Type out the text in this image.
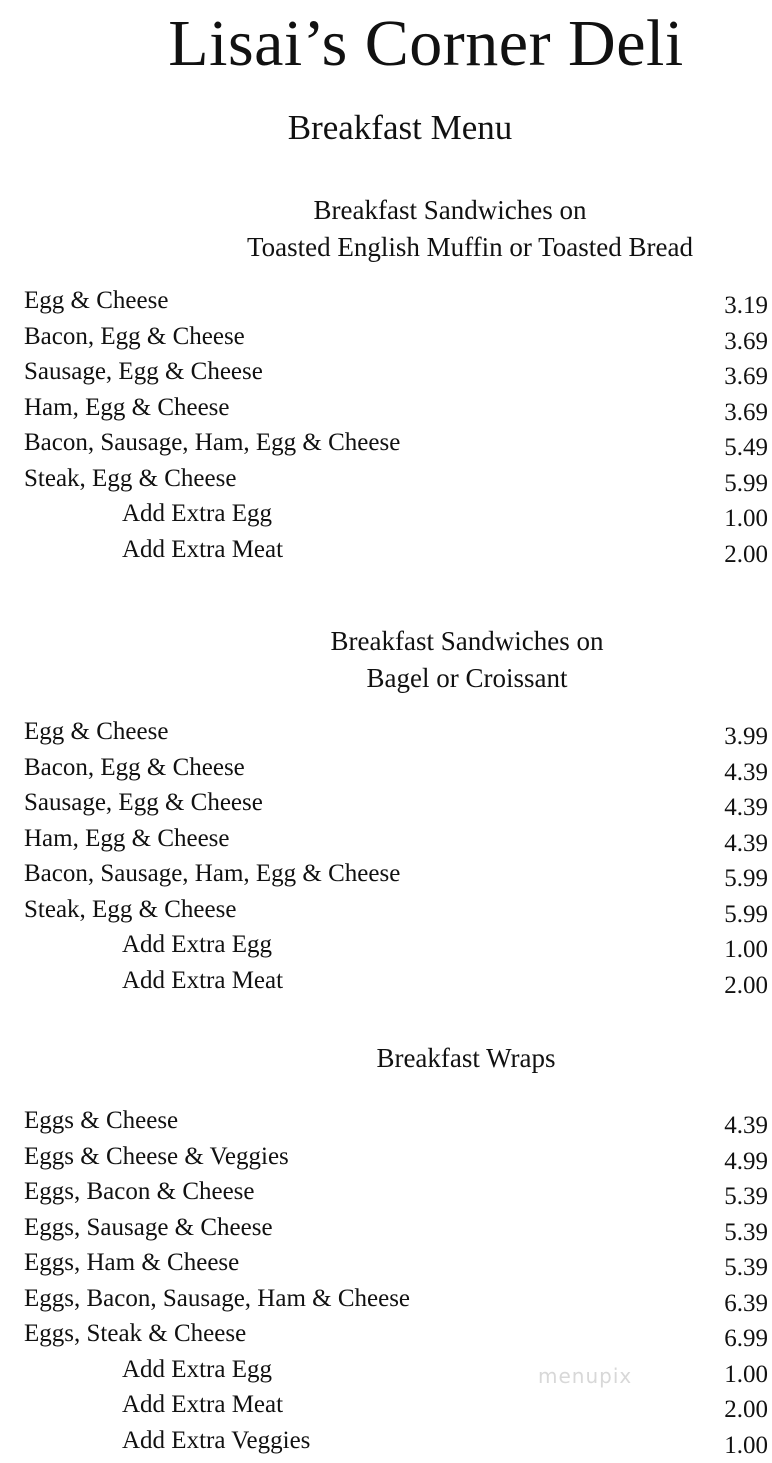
Lisai’s Corner Deli
Breakfast Menu
Breakfast Sandwiches on
Toasted English Muffin or Toasted Bread
Egg & Cheese	3.19
Bacon, Egg & Cheese	3.69
Sausage, Egg & Cheese	3.69
Ham, Egg & Cheese	3.69
Bacon, Sausage, Ham, Egg & Cheese	5.49
Steak, Egg & Cheese	5.99
Add Extra Egg	1.00
Add Extra Meat	2.00
Breakfast Sandwiches on
Bagel or Croissant
Egg & Cheese	3.99
Bacon, Egg & Cheese	4.39
Sausage, Egg & Cheese	4.39
Ham, Egg & Cheese	4.39
Bacon, Sausage, Ham, Egg & Cheese	5.99
Steak, Egg & Cheese	5.99
Add Extra Egg	1.00
Add Extra Meat	2.00
Breakfast Wraps
Eggs & Cheese	4.39
Eggs & Cheese & Veggies	4.99
Eggs, Bacon & Cheese	5.39
Eggs, Sausage & Cheese	5.39
Eggs, Ham & Cheese	5.39
Eggs, Bacon, Sausage, Ham & Cheese	6.39
Eggs, Steak & Cheese	6.99
Add Extra Egg	1.00
Add Extra Meat	2.00
Add Extra Veggies	1.00
menupix
